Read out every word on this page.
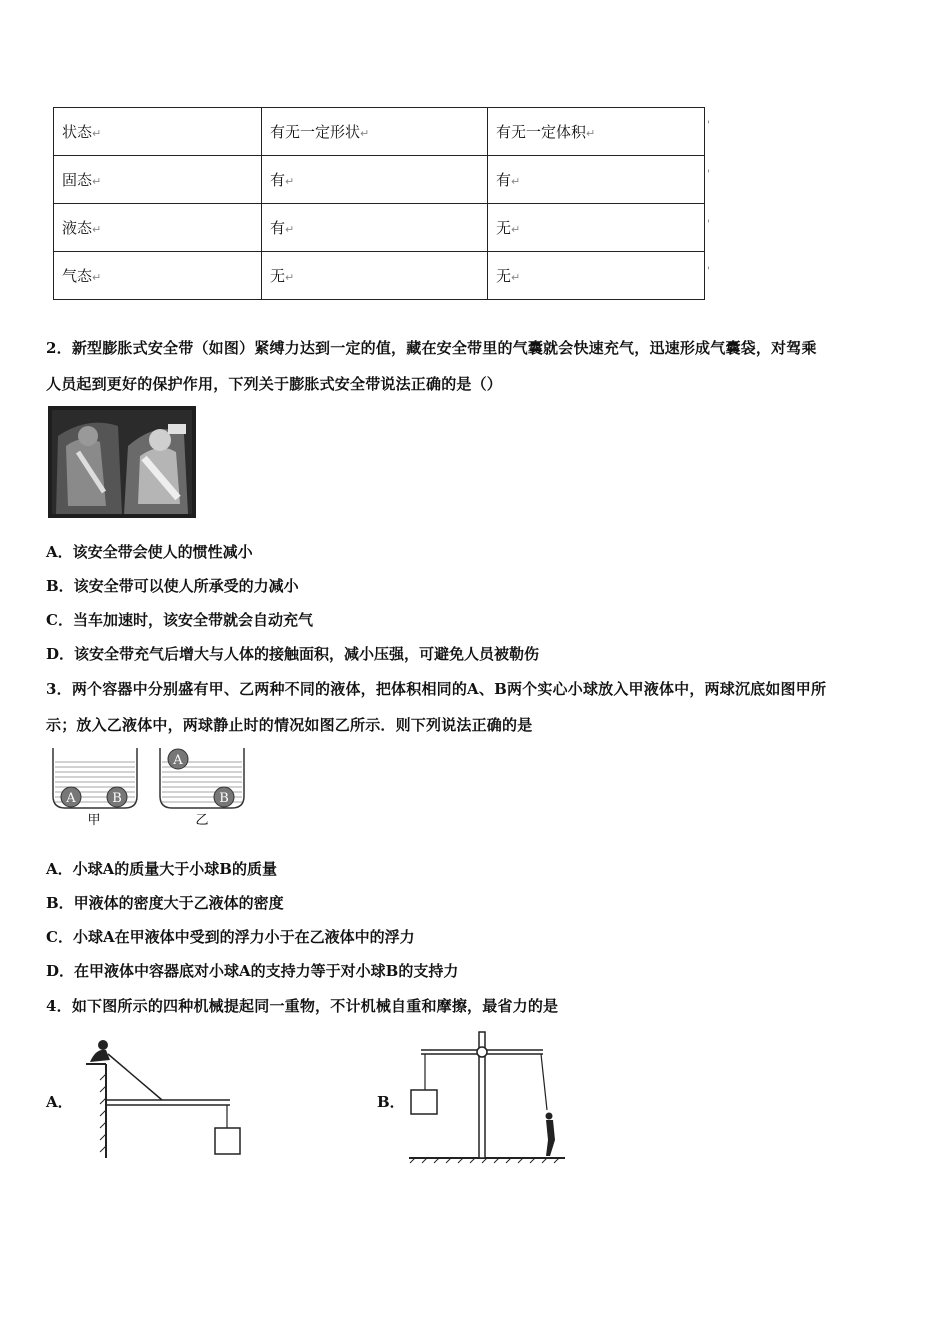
状态↵	有无一定形状↵	有无一定体积↵
固态↵	有↵	有↵
液态↵	有↵	无↵
气态↵	无↵	无↵
'
'
'
'
2．新型膨胀式安全带（如图）紧缚力达到一定的值，藏在安全带里的气囊就会快速充气，迅速形成气囊袋，对驾乘
人员起到更好的保护作用，下列关于膨胀式安全带说法正确的是（）
A．该安全带会使人的惯性减小
B．该安全带可以使人所承受的力减小
C．当车加速时，该安全带就会自动充气
D．该安全带充气后增大与人体的接触面积，减小压强，可避免人员被勒伤
3．两个容器中分别盛有甲、乙两种不同的液体，把体积相同的A、B两个实心小球放入甲液体中，两球沉底如图甲所
示；放入乙液体中，两球静止时的情况如图乙所示．则下列说法正确的是
A	B
甲
A
B
乙
A．小球A的质量大于小球B的质量
B．甲液体的密度大于乙液体的密度
C．小球A在甲液体中受到的浮力小于在乙液体中的浮力
D．在甲液体中容器底对小球A的支持力等于对小球B的支持力
4．如下图所示的四种机械提起同一重物，不计机械自重和摩擦，最省力的是
A．	B．
